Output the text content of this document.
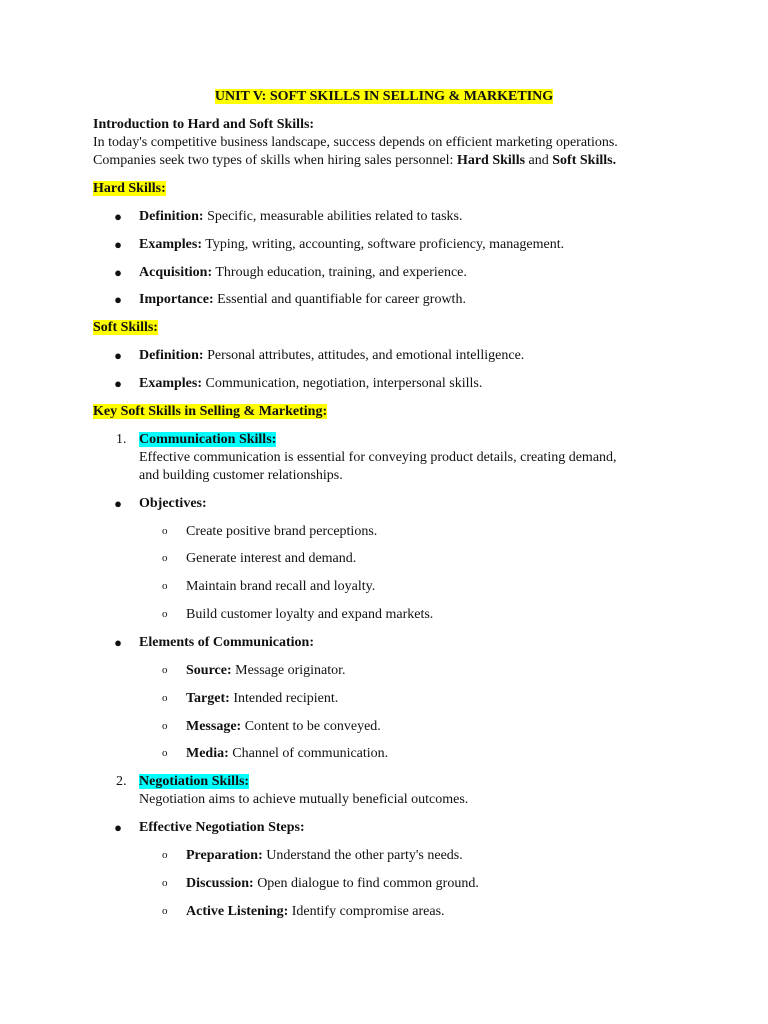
UNIT V: SOFT SKILLS IN SELLING & MARKETING
Introduction to Hard and Soft Skills:
In today's competitive business landscape, success depends on efficient marketing operations.
Companies seek two types of skills when hiring sales personnel: Hard Skills and Soft Skills.
Hard Skills:
● Definition: Specific, measurable abilities related to tasks.
● Examples: Typing, writing, accounting, software proficiency, management.
● Acquisition: Through education, training, and experience.
● Importance: Essential and quantifiable for career growth.
Soft Skills:
● Definition: Personal attributes, attitudes, and emotional intelligence.
● Examples: Communication, negotiation, interpersonal skills.
Key Soft Skills in Selling & Marketing:
1. Communication Skills:
Effective communication is essential for conveying product details, creating demand,
and building customer relationships.
● Objectives:
o Create positive brand perceptions.
o Generate interest and demand.
o Maintain brand recall and loyalty.
o Build customer loyalty and expand markets.
● Elements of Communication:
o Source: Message originator.
o Target: Intended recipient.
o Message: Content to be conveyed.
o Media: Channel of communication.
2. Negotiation Skills:
Negotiation aims to achieve mutually beneficial outcomes.
● Effective Negotiation Steps:
o Preparation: Understand the other party's needs.
o Discussion: Open dialogue to find common ground.
o Active Listening: Identify compromise areas.
